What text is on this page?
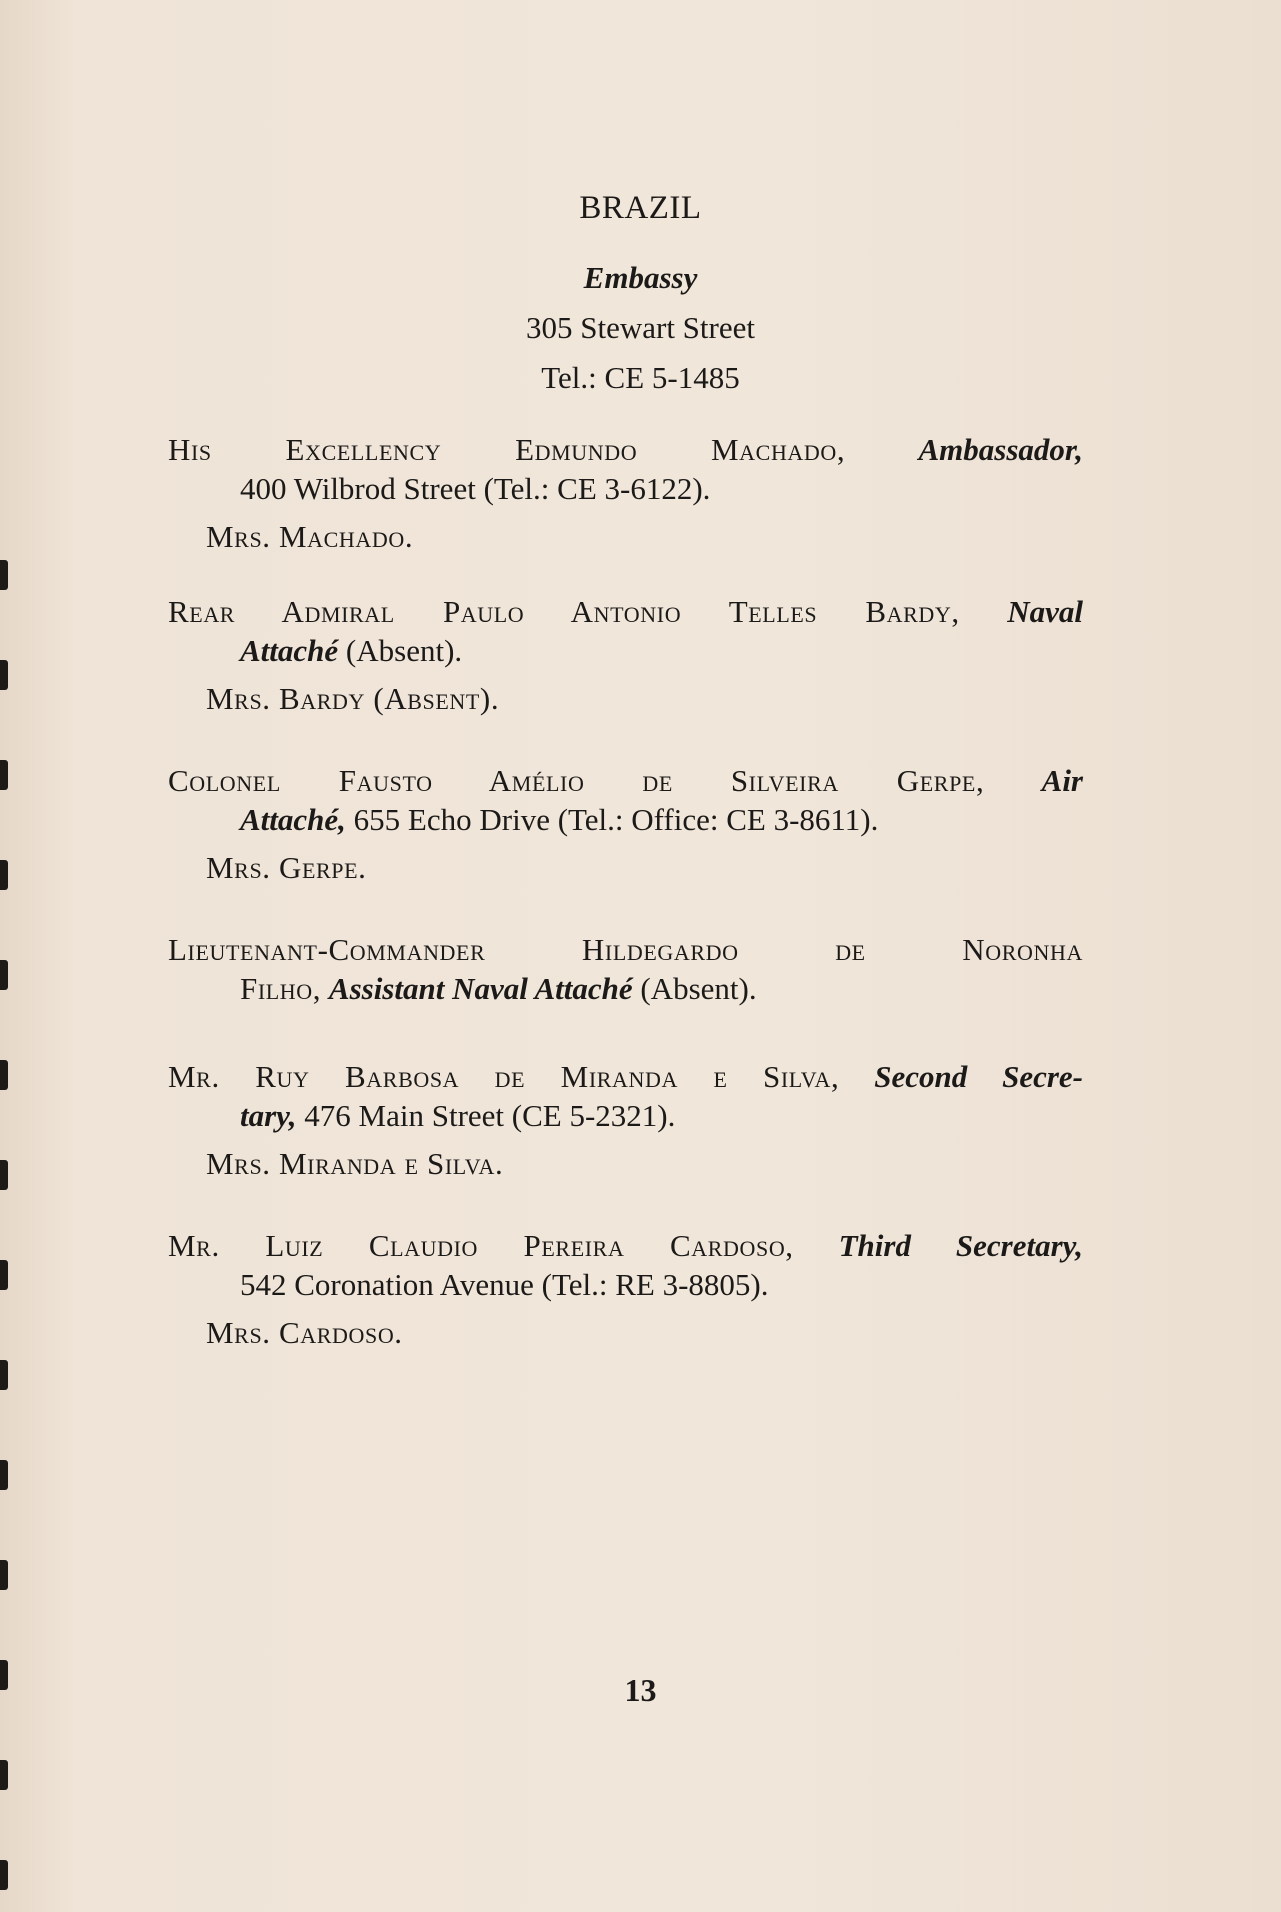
BRAZIL
Embassy
305 Stewart Street
Tel.: CE 5-1485
His Excellency Edmundo Machado, Ambassador,
400 Wilbrod Street (Tel.: CE 3-6122).
Mrs. Machado.
Rear Admiral Paulo Antonio Telles Bardy, Naval
Attaché (Absent).
Mrs. Bardy (Absent).
Colonel Fausto Amélio de Silveira Gerpe, Air
Attaché, 655 Echo Drive (Tel.: Office: CE 3-8611).
Mrs. Gerpe.
Lieutenant-Commander Hildegardo de Noronha
Filho, Assistant Naval Attaché (Absent).
Mr. Ruy Barbosa de Miranda e Silva, Second Secre-
tary, 476 Main Street (CE 5-2321).
Mrs. Miranda e Silva.
Mr. Luiz Claudio Pereira Cardoso, Third Secretary,
542 Coronation Avenue (Tel.: RE 3-8805).
Mrs. Cardoso.
13
